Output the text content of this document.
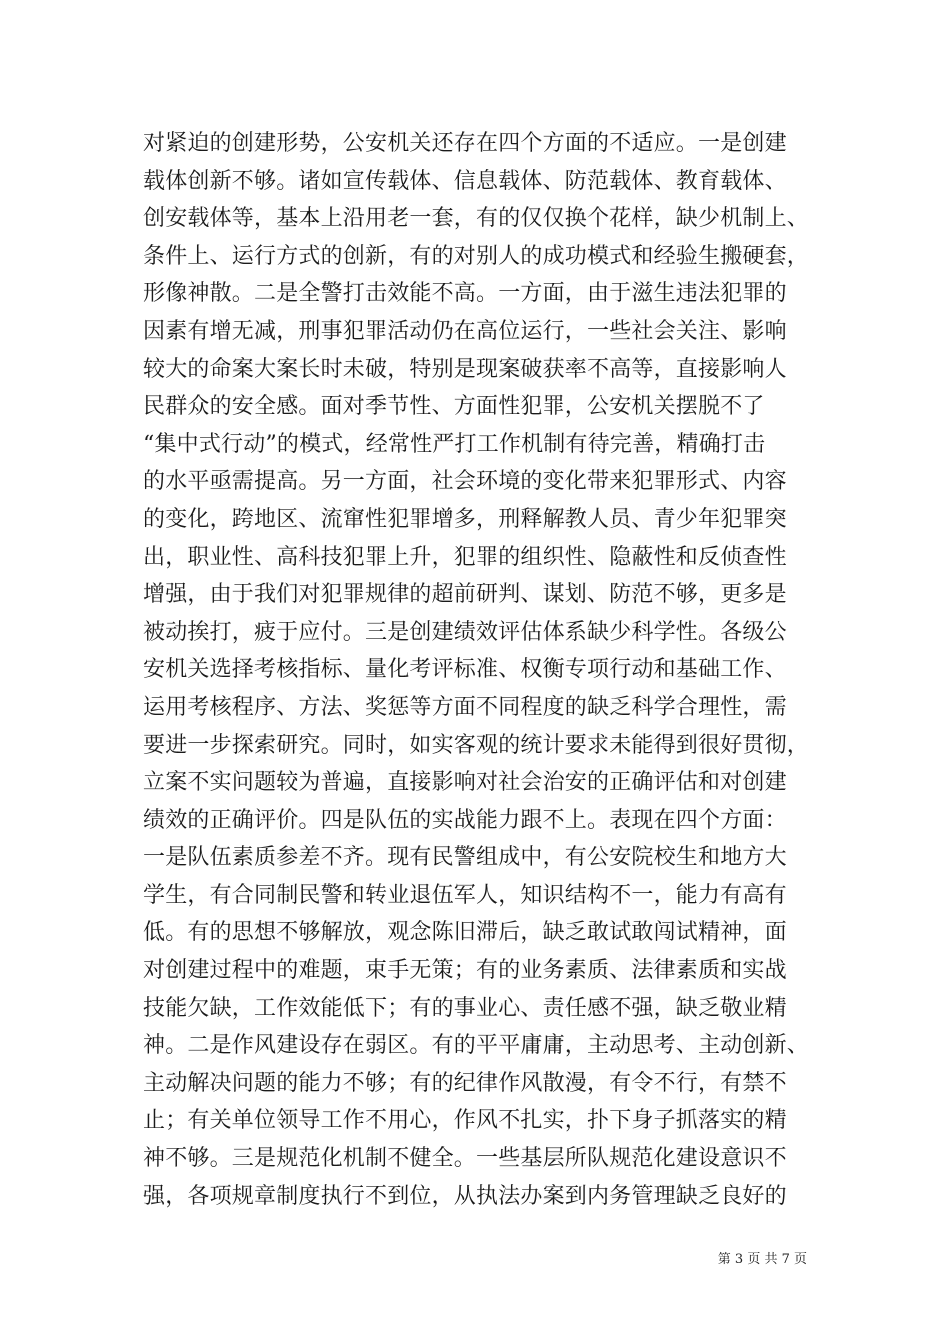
对紧迫的创建形势，公安机关还存在四个方面的不适应。一是创建
载体创新不够。诸如宣传载体、信息载体、防范载体、教育载体、
创安载体等，基本上沿用老一套，有的仅仅换个花样，缺少机制上、
条件上、运行方式的创新，有的对别人的成功模式和经验生搬硬套，
形像神散。二是全警打击效能不高。一方面，由于滋生违法犯罪的
因素有增无减，刑事犯罪活动仍在高位运行，一些社会关注、影响
较大的命案大案长时未破，特别是现案破获率不高等，直接影响人
民群众的安全感。面对季节性、方面性犯罪，公安机关摆脱不了
“集中式行动”的模式，经常性严打工作机制有待完善，精确打击
的水平亟需提高。另一方面，社会环境的变化带来犯罪形式、内容
的变化，跨地区、流窜性犯罪增多，刑释解教人员、青少年犯罪突
出，职业性、高科技犯罪上升，犯罪的组织性、隐蔽性和反侦查性
增强，由于我们对犯罪规律的超前研判、谋划、防范不够，更多是
被动挨打，疲于应付。三是创建绩效评估体系缺少科学性。各级公
安机关选择考核指标、量化考评标准、权衡专项行动和基础工作、
运用考核程序、方法、奖惩等方面不同程度的缺乏科学合理性，需
要进一步探索研究。同时，如实客观的统计要求未能得到很好贯彻，
立案不实问题较为普遍，直接影响对社会治安的正确评估和对创建
绩效的正确评价。四是队伍的实战能力跟不上。表现在四个方面：
一是队伍素质参差不齐。现有民警组成中，有公安院校生和地方大
学生，有合同制民警和转业退伍军人，知识结构不一，能力有高有
低。有的思想不够解放，观念陈旧滞后，缺乏敢试敢闯试精神，面
对创建过程中的难题，束手无策；有的业务素质、法律素质和实战
技能欠缺，工作效能低下；有的事业心、责任感不强，缺乏敬业精
神。二是作风建设存在弱区。有的平平庸庸，主动思考、主动创新、
主动解决问题的能力不够；有的纪律作风散漫，有令不行，有禁不
止；有关单位领导工作不用心，作风不扎实，扑下身子抓落实的精
神不够。三是规范化机制不健全。一些基层所队规范化建设意识不
强，各项规章制度执行不到位，从执法办案到内务管理缺乏良好的
第 3 页 共 7 页
